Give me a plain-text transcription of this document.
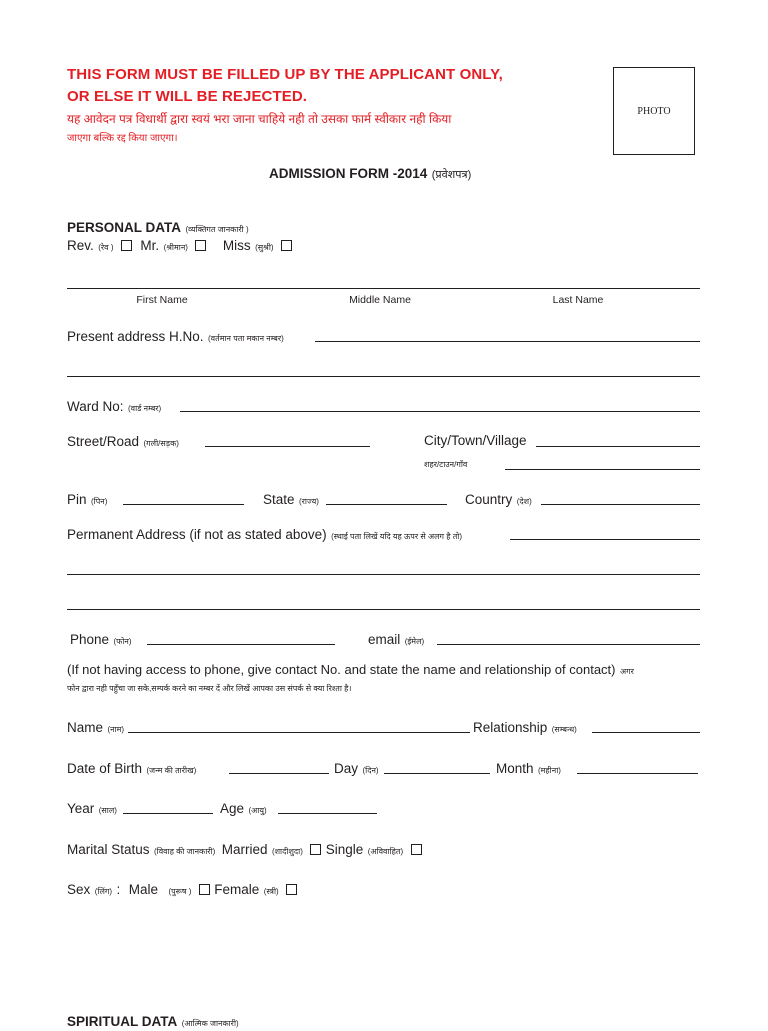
THIS FORM MUST BE FILLED UP BY THE APPLICANT ONLY,
OR ELSE IT WILL BE REJECTED.
यह आवेदन पत्र विधार्थी द्वारा स्वयं भरा जाना चाहिये नही तो उसका फार्म स्वीकार नही किया
जाएगा बल्कि रद्द किया जाएगा।
PHOTO
ADMISSION FORM -2014 (प्रवेशपत्र)
PERSONAL DATA (व्यक्तिगत जानकारी )
Rev. (रेव ) Mr. (श्रीमान)	Miss (सुश्री)
First Name	Middle Name	Last Name
Present address H.No. (वर्तमान पता मकान नम्बर)
Ward No: (वार्ड नम्बर)
Street/Road (गली/सड़क)	City/Town/Village
शहर/टाउन/गाँव
Pin (पिन)	State (राज्य)	Country (देश)
Permanent Address (if not as stated above) (स्थाई पता लिखें यदि यह ऊपर से अलग है तो)
Phone (फोन)	email (ईमेल)
(If not having access to phone, give contact No. and state the name and relationship of contact) अगर
फोन द्वारा नही पहुँचा जा सके,सम्पर्क करने का नम्बर दें और लिखें आपका उस संपर्क से क्या रिश्ता है।
Name (नाम)	Relationship (सम्बन्ध)
Date of Birth (जन्म की तारीख)	Day (दिन)	Month (महीना)
Year (साल)	Age (आयु)
Marital Status (विवाह की जानकारी) Married (शादीशुदा) Single (अविवाहित)
Sex (लिंग) : Male (पुरूष ) Female (स्त्री)
SPIRITUAL DATA (आत्मिक जानकारी)
